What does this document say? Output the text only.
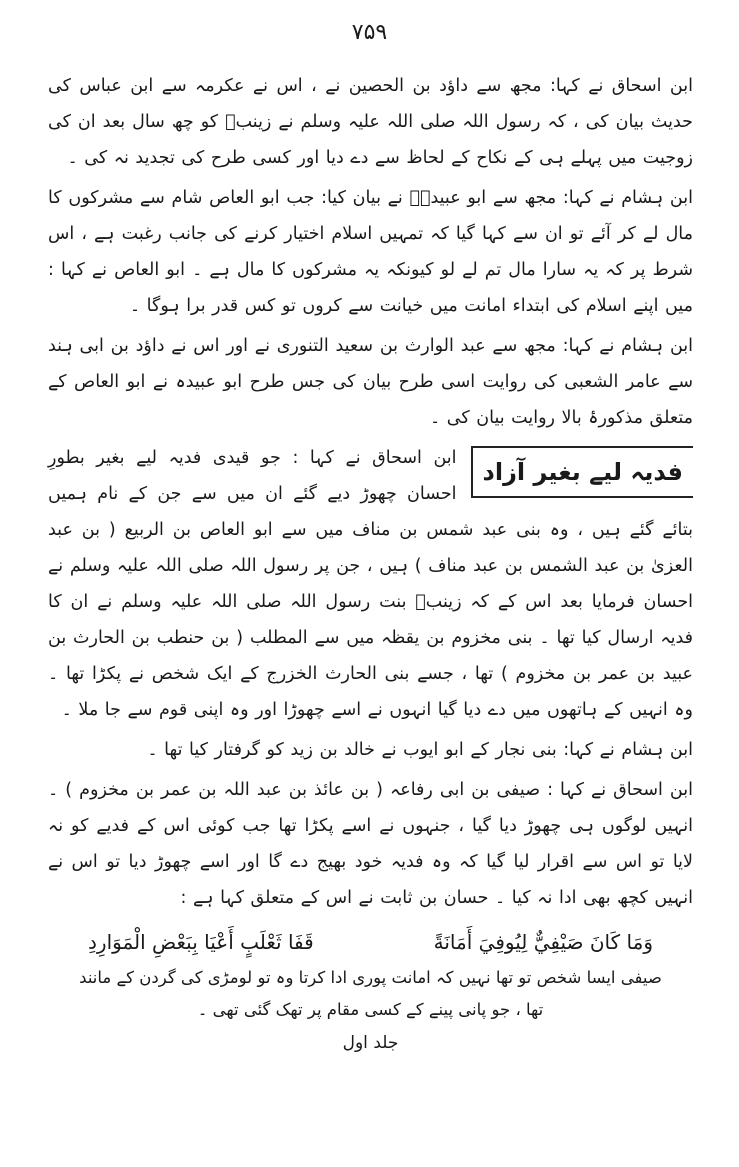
۷۵۹

ابن اسحاق نے کہا: مجھ سے داؤد بن الحصین نے ، اس نے عکرمہ سے ابن عباس کی حدیث بیان کی ، کہ رسول اللہ صلی اللہ علیہ وسلم نے زینبؓ کو چھ سال بعد ان کی زوجیت میں پہلے ہی کے نکاح کے لحاظ سے دے دیا اور کسی طرح کی تجدید نہ کی ۔

ابن ہشام نے کہا: مجھ سے ابو عبیدہؒ نے بیان کیا: جب ابو العاص شام سے مشرکوں کا مال لے کر آئے تو ان سے کہا گیا کہ تمہیں اسلام اختیار کرنے کی جانب رغبت ہے ، اس شرط پر کہ یہ سارا مال تم لے لو کیونکہ یہ مشرکوں کا مال ہے ۔ ابو العاص نے کہا : میں اپنے اسلام کی ابتداء امانت میں خیانت سے کروں تو کس قدر برا ہوگا ۔

ابن ہشام نے کہا: مجھ سے عبد الوارث بن سعید التنوری نے اور اس نے داؤد بن ابی ہند سے عامر الشعبی کی روایت اسی طرح بیان کی جس طرح ابو عبیدہ نے ابو العاص کے متعلق مذکورۂ بالا روایت بیان کی ۔

فدیہ لیے بغیر آزاد

ابن اسحاق نے کہا : جو قیدی فدیہ لیے بغیر بطورِ احسان چھوڑ دیے گئے ان میں سے جن کے نام ہمیں بتائے گئے ہیں ، وہ بنی عبد شمس بن مناف میں سے ابو العاص بن الربیع ( بن عبد العزیٰ بن عبد الشمس بن عبد مناف ) ہیں ، جن پر رسول اللہ صلی اللہ علیہ وسلم نے احسان فرمایا بعد اس کے کہ زینبؓ بنت رسول اللہ صلی اللہ علیہ وسلم نے ان کا فدیہ ارسال کیا تھا ۔ بنی مخزوم بن یقظہ میں سے المطلب ( بن حنطب بن الحارث بن عبید بن عمر بن مخزوم ) تھا ، جسے بنی الحارث الخزرج کے ایک شخص نے پکڑا تھا ۔ وہ انہیں کے ہاتھوں میں دے دیا گیا انہوں نے اسے چھوڑا اور وہ اپنی قوم سے جا ملا ۔

ابن ہشام نے کہا: بنی نجار کے ابو ایوب نے خالد بن زید کو گرفتار کیا تھا ۔

ابن اسحاق نے کہا : صیفی بن ابی رفاعہ ( بن عائذ بن عبد اللہ بن عمر بن مخزوم ) ۔ انہیں لوگوں ہی چھوڑ دیا گیا ، جنہوں نے اسے پکڑا تھا جب کوئی اس کے فدیے کو نہ لایا تو اس سے اقرار لیا گیا کہ وہ فدیہ خود بھیج دے گا اور اسے چھوڑ دیا تو اس نے انہیں کچھ بھی ادا نہ کیا ۔ حسان بن ثابت نے اس کے متعلق کہا ہے :

وَمَا كَانَ صَيْفِيٌّ لِيُوفِيَ أَمَانَةً
قَفَا ثَعْلَبٍ أَعْيَا بِبَعْضِ الْمَوَارِدِ
صیفی ایسا شخص تو تھا نہیں کہ امانت پوری ادا کرتا وہ تو لومڑی کی گردن کے مانند تھا ، جو پانی پینے کے کسی مقام پر تھک گئی تھی ۔
جلد اول
